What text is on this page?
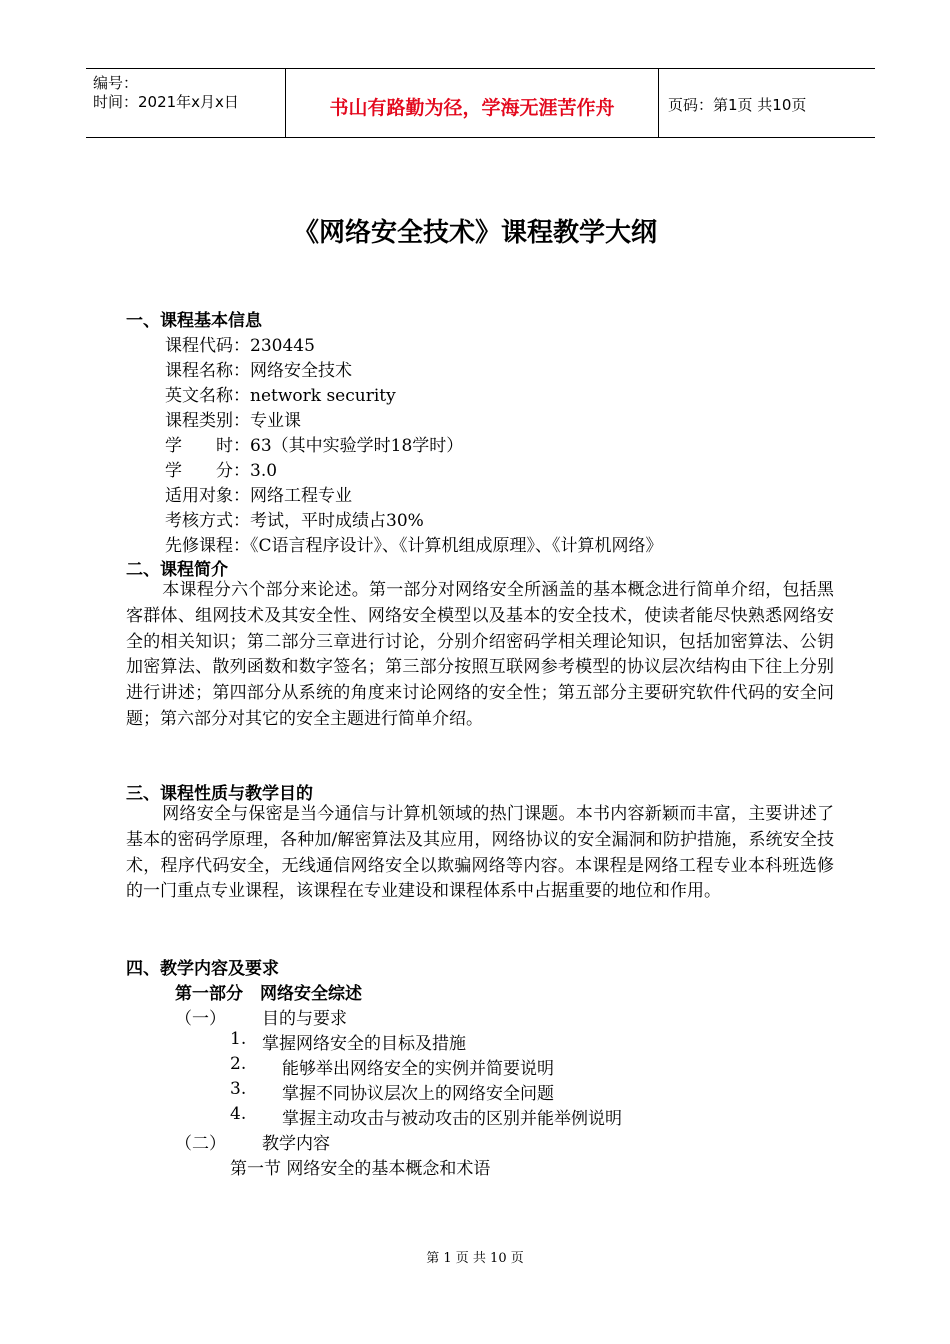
编号：
时间：2021年x月x日	书山有路勤为径，学海无涯苦作舟	页码：第1页 共10页
《网络安全技术》课程教学大纲
一、课程基本信息
课程代码：230445
课程名称：网络安全技术
英文名称：network security
课程类别：专业课
学　　时：63（其中实验学时18学时）
学　　分：3.0
适用对象：网络工程专业
考核方式：考试，平时成绩占30%
先修课程：《C语言程序设计》、《计算机组成原理》、《计算机网络》
二、课程简介
本课程分六个部分来论述。第一部分对网络安全所涵盖的基本概念进行简单介绍，包括黑客群体、组网技术及其安全性、网络安全模型以及基本的安全技术，使读者能尽快熟悉网络安全的相关知识；第二部分三章进行讨论，分别介绍密码学相关理论知识，包括加密算法、公钥加密算法、散列函数和数字签名；第三部分按照互联网参考模型的协议层次结构由下往上分别进行讲述；第四部分从系统的角度来讨论网络的安全性；第五部分主要研究软件代码的安全问题；第六部分对其它的安全主题进行简单介绍。
三、课程性质与教学目的
网络安全与保密是当今通信与计算机领域的热门课题。本书内容新颖而丰富，主要讲述了基本的密码学原理，各种加/解密算法及其应用，网络协议的安全漏洞和防护措施，系统安全技术，程序代码安全，无线通信网络安全以欺骗网络等内容。本课程是网络工程专业本科班选修的一门重点专业课程，该课程在专业建设和课程体系中占据重要的地位和作用。
四、教学内容及要求
第一部分　网络安全综述
（一） 目的与要求
1. 掌握网络安全的目标及措施
2. 能够举出网络安全的实例并简要说明
3. 掌握不同协议层次上的网络安全问题
4. 掌握主动攻击与被动攻击的区别并能举例说明
（二） 教学内容
第一节 网络安全的基本概念和术语
第 1 页 共 10 页
